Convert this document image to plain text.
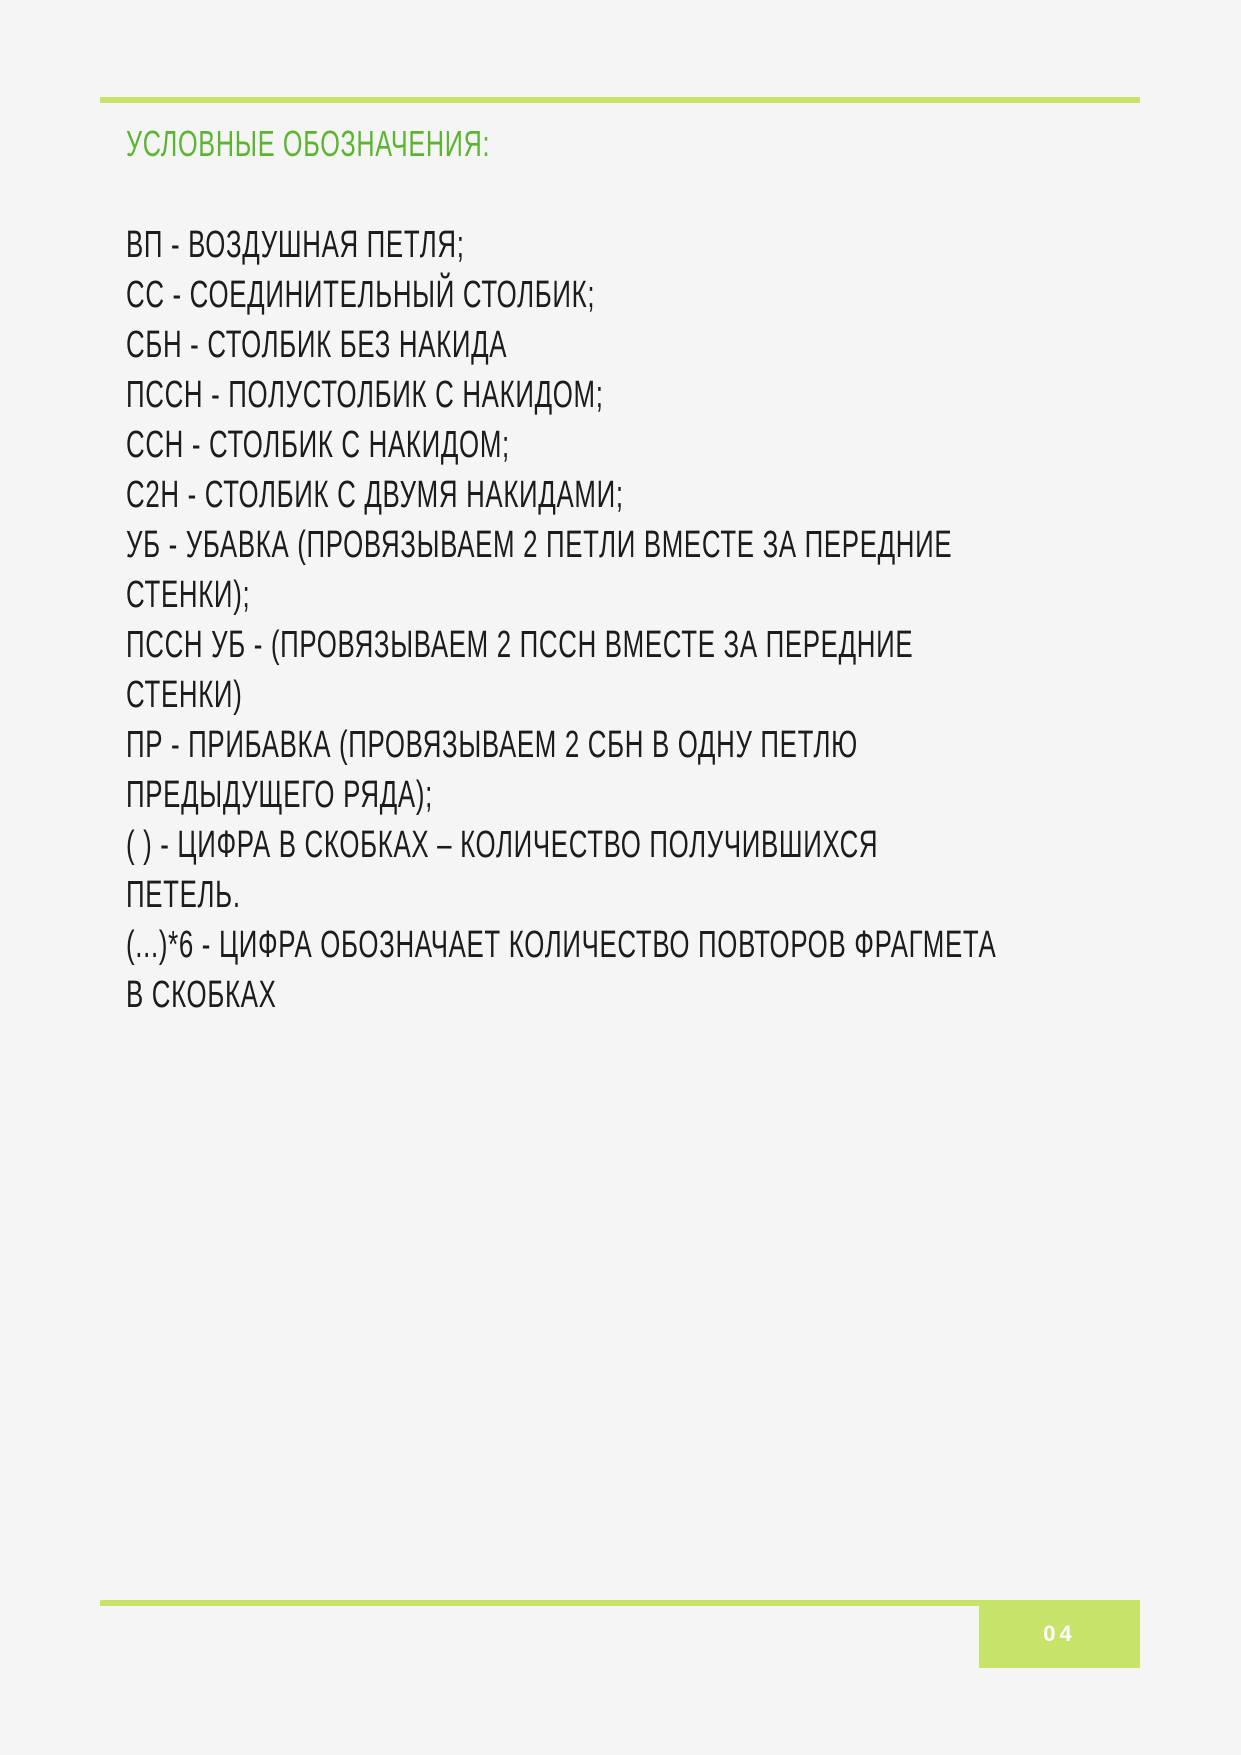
УСЛОВНЫЕ ОБОЗНАЧЕНИЯ:
ВП - ВОЗДУШНАЯ ПЕТЛЯ;
СС - СОЕДИНИТЕЛЬНЫЙ СТОЛБИК;
СБН - СТОЛБИК БЕЗ НАКИДА
ПССН - ПОЛУСТОЛБИК С НАКИДОМ;
ССН - СТОЛБИК С НАКИДОМ;
С2Н - СТОЛБИК С ДВУМЯ НАКИДАМИ;
УБ - УБАВКА (ПРОВЯЗЫВАЕМ 2 ПЕТЛИ ВМЕСТЕ ЗА ПЕРЕДНИЕ
СТЕНКИ);
ПССН УБ - (ПРОВЯЗЫВАЕМ 2 ПССН ВМЕСТЕ ЗА ПЕРЕДНИЕ
СТЕНКИ)
ПР - ПРИБАВКА (ПРОВЯЗЫВАЕМ 2 СБН В ОДНУ ПЕТЛЮ
ПРЕДЫДУЩЕГО РЯДА);
( ) - ЦИФРА В СКОБКАХ – КОЛИЧЕСТВО ПОЛУЧИВШИХСЯ
ПЕТЕЛЬ.
(...)*6 - ЦИФРА ОБОЗНАЧАЕТ КОЛИЧЕСТВО ПОВТОРОВ ФРАГМЕТА
В СКОБКАХ
04
